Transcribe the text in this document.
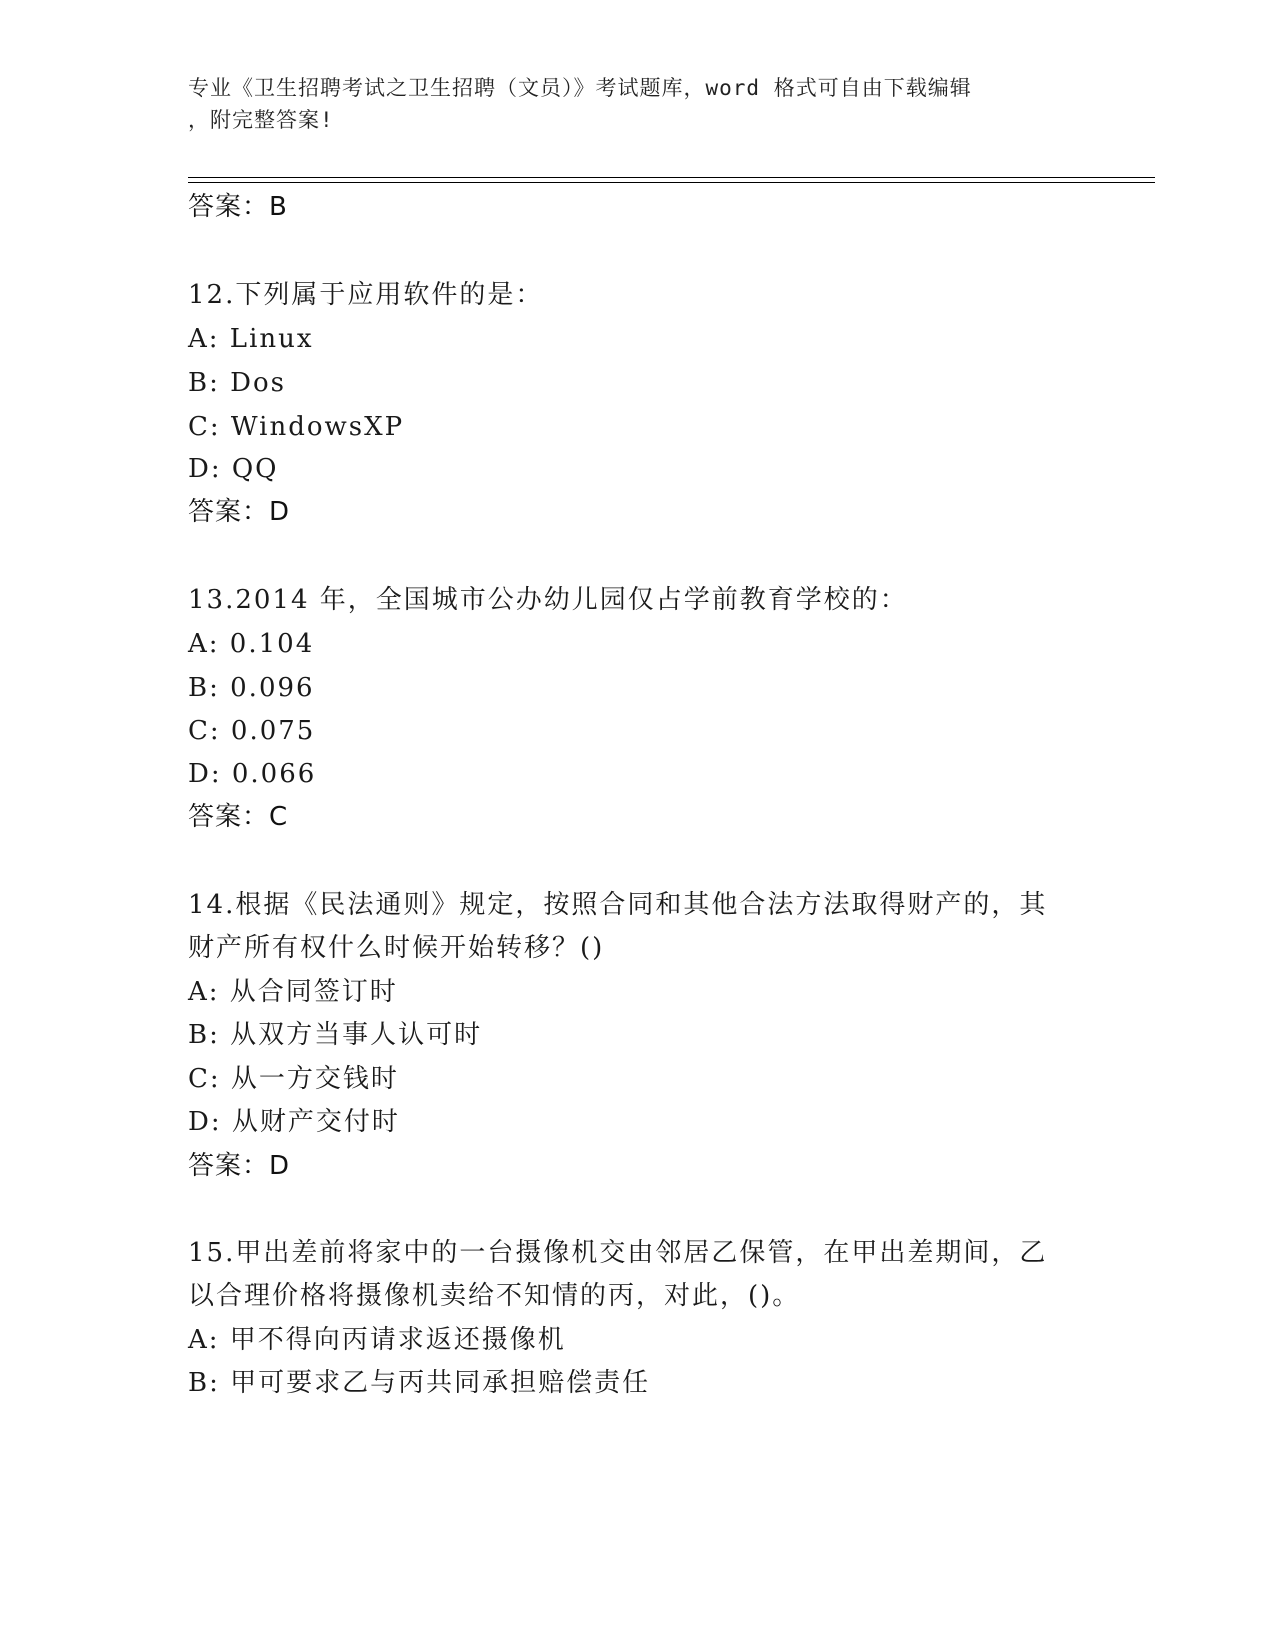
专业《卫生招聘考试之卫生招聘（文员）》考试题库，word 格式可自由下载编辑
，附完整答案!
答案：B
12.下列属于应用软件的是：
A: Linux
B: Dos
C: WindowsXP
D: QQ
答案：D
13.2014 年，全国城市公办幼儿园仅占学前教育学校的：
A: 0.104
B: 0.096
C: 0.075
D: 0.066
答案：C
14.根据《民法通则》规定，按照合同和其他合法方法取得财产的，其
财产所有权什么时候开始转移？()
A: 从合同签订时
B: 从双方当事人认可时
C: 从一方交钱时
D: 从财产交付时
答案：D
15.甲出差前将家中的一台摄像机交由邻居乙保管，在甲出差期间，乙
以合理价格将摄像机卖给不知情的丙，对此，()。
A: 甲不得向丙请求返还摄像机
B: 甲可要求乙与丙共同承担赔偿责任
